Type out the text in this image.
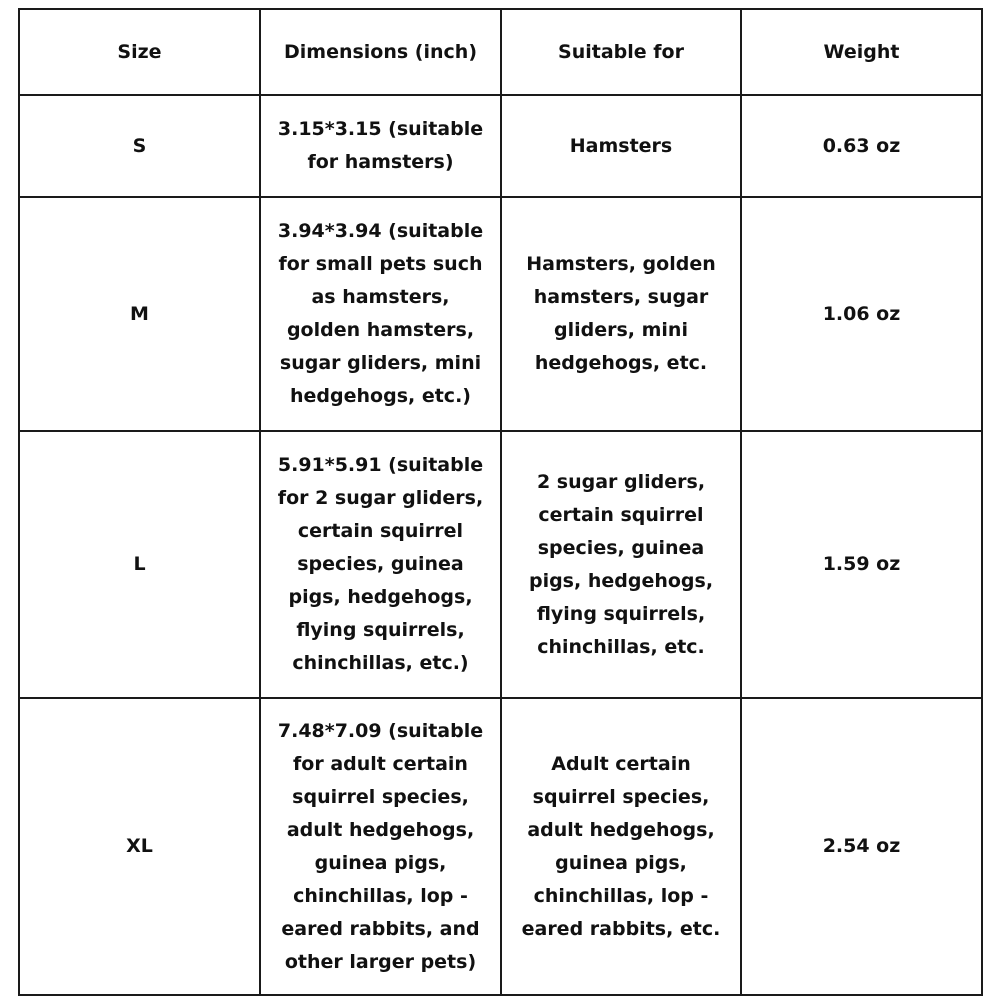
Size	Dimensions (inch)	Suitable for	Weight
S	3.15*3.15 (suitable for hamsters)	Hamsters	0.63 oz
M	3.94*3.94 (suitable for small pets such as hamsters, golden hamsters, sugar gliders, mini hedgehogs, etc.)	Hamsters, golden hamsters, sugar gliders, mini hedgehogs, etc.	1.06 oz
L	5.91*5.91 (suitable for 2 sugar gliders, certain squirrel species, guinea pigs, hedgehogs, flying squirrels, chinchillas, etc.)	2 sugar gliders, certain squirrel species, guinea pigs, hedgehogs, flying squirrels, chinchillas, etc.	1.59 oz
XL	7.48*7.09 (suitable for adult certain squirrel species, adult hedgehogs, guinea pigs, chinchillas, lop - eared rabbits, and other larger pets)	Adult certain squirrel species, adult hedgehogs, guinea pigs, chinchillas, lop - eared rabbits, etc.	2.54 oz
